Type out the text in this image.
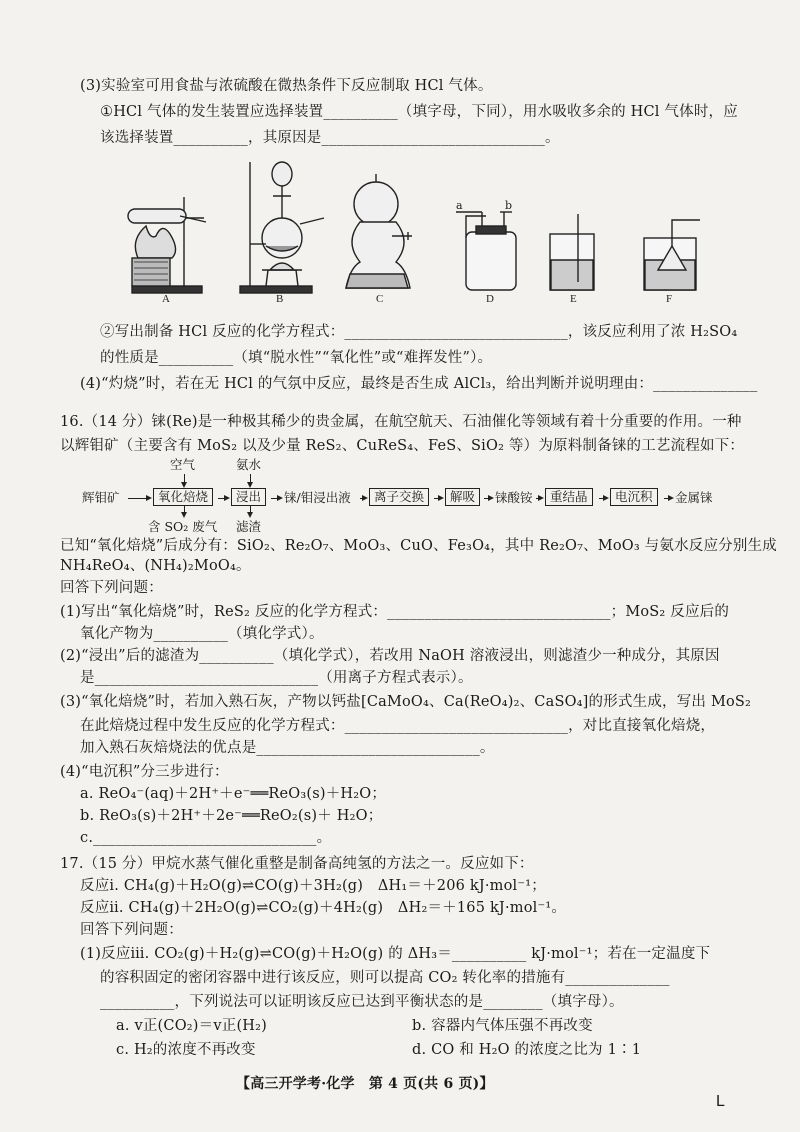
(3)实验室可用食盐与浓硫酸在微热条件下反应制取 HCl 气体。
①HCl 气体的发生装置应选择装置__________（填字母，下同），用水吸收多余的 HCl 气体时，应
该选择装置__________，其原因是______________________________。
a	b
A	B	C	D	E	F
②写出制备 HCl 反应的化学方程式：______________________________，该反应利用了浓 H₂SO₄
的性质是__________（填“脱水性”“氧化性”或“难挥发性”）。
(4)“灼烧”时，若在无 HCl 的气氛中反应，最终是否生成 AlCl₃，给出判断并说明理由：______________
16.（14 分）铼(Re)是一种极其稀少的贵金属，在航空航天、石油催化等领域有着十分重要的作用。一种
以辉钼矿（主要含有 MoS₂ 以及少量 ReS₂、CuReS₄、FeS、SiO₂ 等）为原料制备铼的工艺流程如下：
空气	氨水
辉钼矿	氧化焙烧	浸出	铼/钼浸出液	离子交换	解吸	铼酸铵	重结晶	电沉积	金属铼
含 SO₂ 废气 滤渣
已知“氧化焙烧”后成分有：SiO₂、Re₂O₇、MoO₃、CuO、Fe₃O₄，其中 Re₂O₇、MoO₃ 与氨水反应分别生成
NH₄ReO₄、(NH₄)₂MoO₄。
回答下列问题：
(1)写出“氧化焙烧”时，ReS₂ 反应的化学方程式：______________________________；MoS₂ 反应后的
氧化产物为__________（填化学式）。
(2)“浸出”后的滤渣为__________（填化学式），若改用 NaOH 溶液浸出，则滤渣少一种成分，其原因
是______________________________（用离子方程式表示）。
(3)“氧化焙烧”时，若加入熟石灰，产物以钙盐[CaMoO₄、Ca(ReO₄)₂、CaSO₄]的形式生成，写出 MoS₂
在此焙烧过程中发生反应的化学方程式：______________________________，对比直接氧化焙烧，
加入熟石灰焙烧法的优点是______________________________。
(4)“电沉积”分三步进行：
a. ReO₄⁻(aq)＋2H⁺＋e⁻══ReO₃(s)＋H₂O；
b. ReO₃(s)＋2H⁺＋2e⁻══ReO₂(s)＋ H₂O；
c.______________________________。
17.（15 分）甲烷水蒸气催化重整是制备高纯氢的方法之一。反应如下：
反应ⅰ. CH₄(g)＋H₂O(g)⇌CO(g)＋3H₂(g)　ΔH₁＝＋206 kJ·mol⁻¹；
反应ⅱ. CH₄(g)＋2H₂O(g)⇌CO₂(g)＋4H₂(g)　ΔH₂＝＋165 kJ·mol⁻¹。
回答下列问题：
(1)反应ⅲ. CO₂(g)＋H₂(g)⇌CO(g)＋H₂O(g) 的 ΔH₃＝__________ kJ·mol⁻¹；若在一定温度下
的容积固定的密闭容器中进行该反应，则可以提高 CO₂ 转化率的措施有______________
__________，下列说法可以证明该反应已达到平衡状态的是________（填字母）。
a. v正(CO₂)＝v正(H₂)	b. 容器内气体压强不再改变
c. H₂的浓度不再改变	d. CO 和 H₂O 的浓度之比为 1∶1
【高三开学考·化学　第 4 页(共 6 页)】
L
